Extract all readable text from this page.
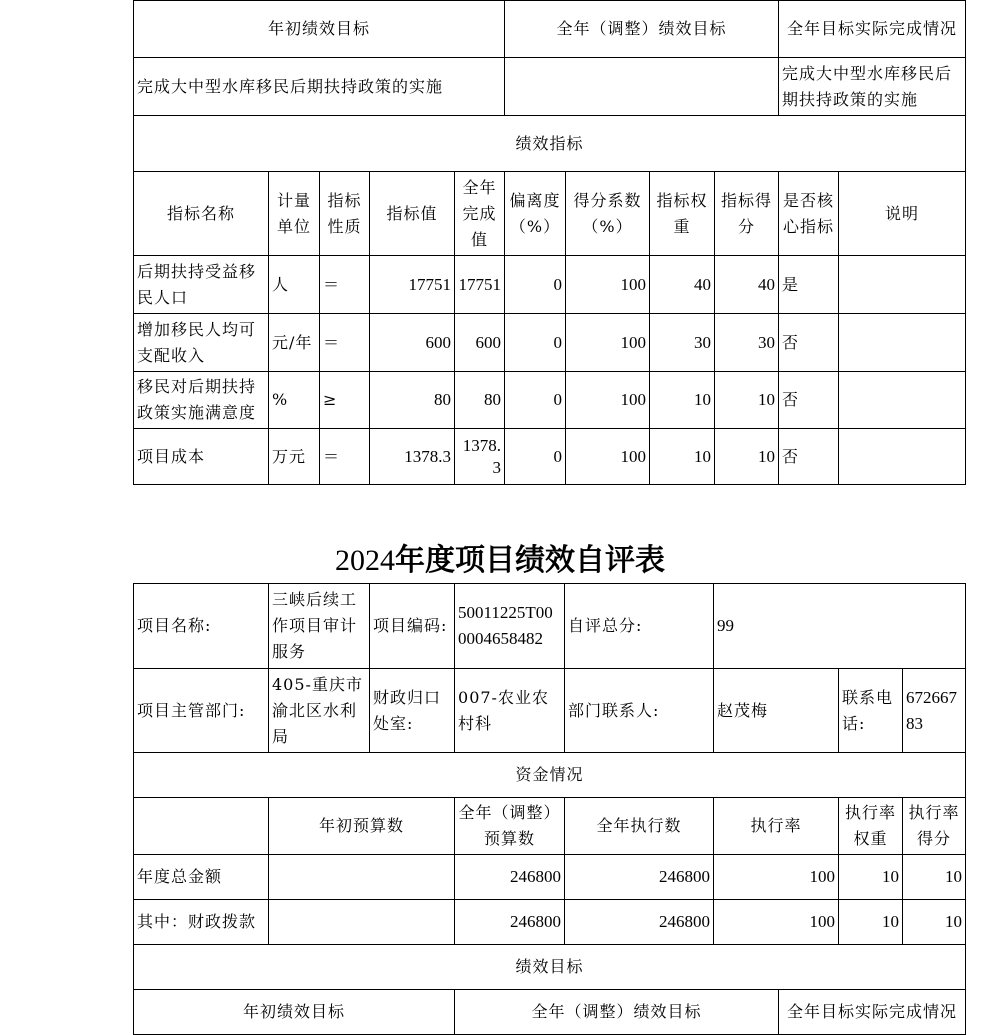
年初绩效目标					全年（调整）绩效目标				全年目标实际完成情况	
完成大中型水库移民后期扶持政策的实施									完成大中型水库移民后期扶持政策的实施	
绩效指标										
指标名称	计量单位	指标性质	指标值	全年完成值	偏离度（%）	得分系数（%）	指标权重	指标得分	是否核心指标	说明
后期扶持受益移民人口	人	＝	17751	17751	0	100	40	40	是	
增加移民人均可支配收入	元/年	＝	600	600	0	100	30	30	否	
移民对后期扶持政策实施满意度	%	≥	80	80	0	100	10	10	否	
项目成本	万元	＝	1378.3	1378.3	0	100	10	10	否	
2024年度项目绩效自评表
项目名称:	三峡后续工作项目审计服务	项目编码:	50011225T000004658482	自评总分:	99			
项目主管部门:	405-重庆市渝北区水利局	财政归口处室:	007-农业农村科	部门联系人:	赵茂梅		联系电话:	67266783
资金情况								
	年初预算数		全年（调整）预算数	全年执行数	执行率		执行率权重	执行率得分
年度总金额			246800	246800	100		10	10
其中：财政拨款			246800	246800	100		10	10
绩效目标								
年初绩效目标			全年（调整）绩效目标			全年目标实际完成情况		
